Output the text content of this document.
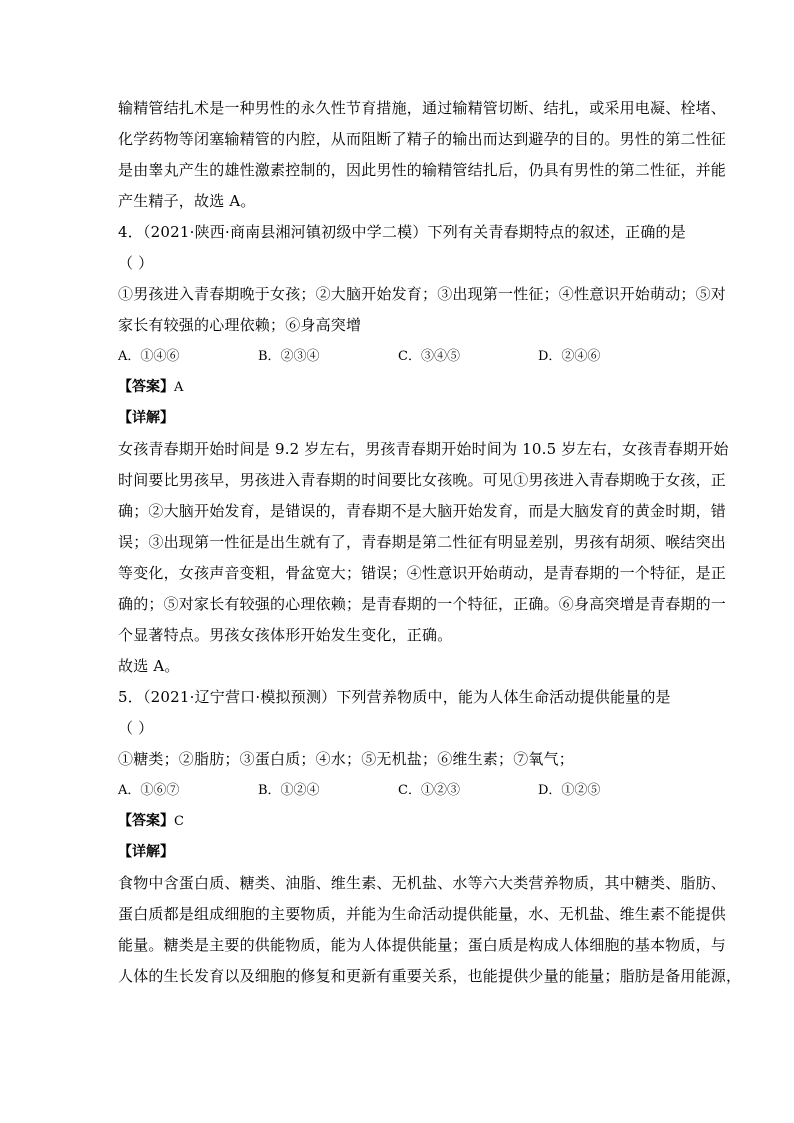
输精管结扎术是一种男性的永久性节育措施，通过输精管切断、结扎，或采用电凝、栓堵、
化学药物等闭塞输精管的内腔，从而阻断了精子的输出而达到避孕的目的。男性的第二性征
是由睾丸产生的雄性激素控制的，因此男性的输精管结扎后，仍具有男性的第二性征，并能
产生精子，故选 A。
4．（2021·陕西·商南县湘河镇初级中学二模）下列有关青春期特点的叙述，正确的是
（ ）
①男孩进入青春期晚于女孩；②大脑开始发育；③出现第一性征；④性意识开始萌动；⑤对
家长有较强的心理依赖；⑥身高突增
A．①④⑥	B．②③④	C．③④⑤	D．②④⑥
【答案】A
【详解】
女孩青春期开始时间是 9.2 岁左右，男孩青春期开始时间为 10.5 岁左右，女孩青春期开始
时间要比男孩早，男孩进入青春期的时间要比女孩晚。可见①男孩进入青春期晚于女孩，正
确；②大脑开始发育，是错误的，青春期不是大脑开始发育，而是大脑发育的黄金时期，错
误；③出现第一性征是出生就有了，青春期是第二性征有明显差别，男孩有胡须、喉结突出
等变化，女孩声音变粗，骨盆宽大；错误；④性意识开始萌动，是青春期的一个特征，是正
确的；⑤对家长有较强的心理依赖；是青春期的一个特征，正确。⑥身高突增是青春期的一
个显著特点。男孩女孩体形开始发生变化，正确。
故选 A。
5．（2021·辽宁营口·模拟预测）下列营养物质中，能为人体生命活动提供能量的是
（ ）
①糖类；②脂肪；③蛋白质；④水；⑤无机盐；⑥维生素；⑦氧气；
A．①⑥⑦	B．①②④	C．①②③	D．①②⑤
【答案】C
【详解】
食物中含蛋白质、糖类、油脂、维生素、无机盐、水等六大类营养物质，其中糖类、脂肪、
蛋白质都是组成细胞的主要物质，并能为生命活动提供能量，水、无机盐、维生素不能提供
能量。糖类是主要的供能物质，能为人体提供能量；蛋白质是构成人体细胞的基本物质，与
人体的生长发育以及细胞的修复和更新有重要关系，也能提供少量的能量；脂肪是备用能源，
